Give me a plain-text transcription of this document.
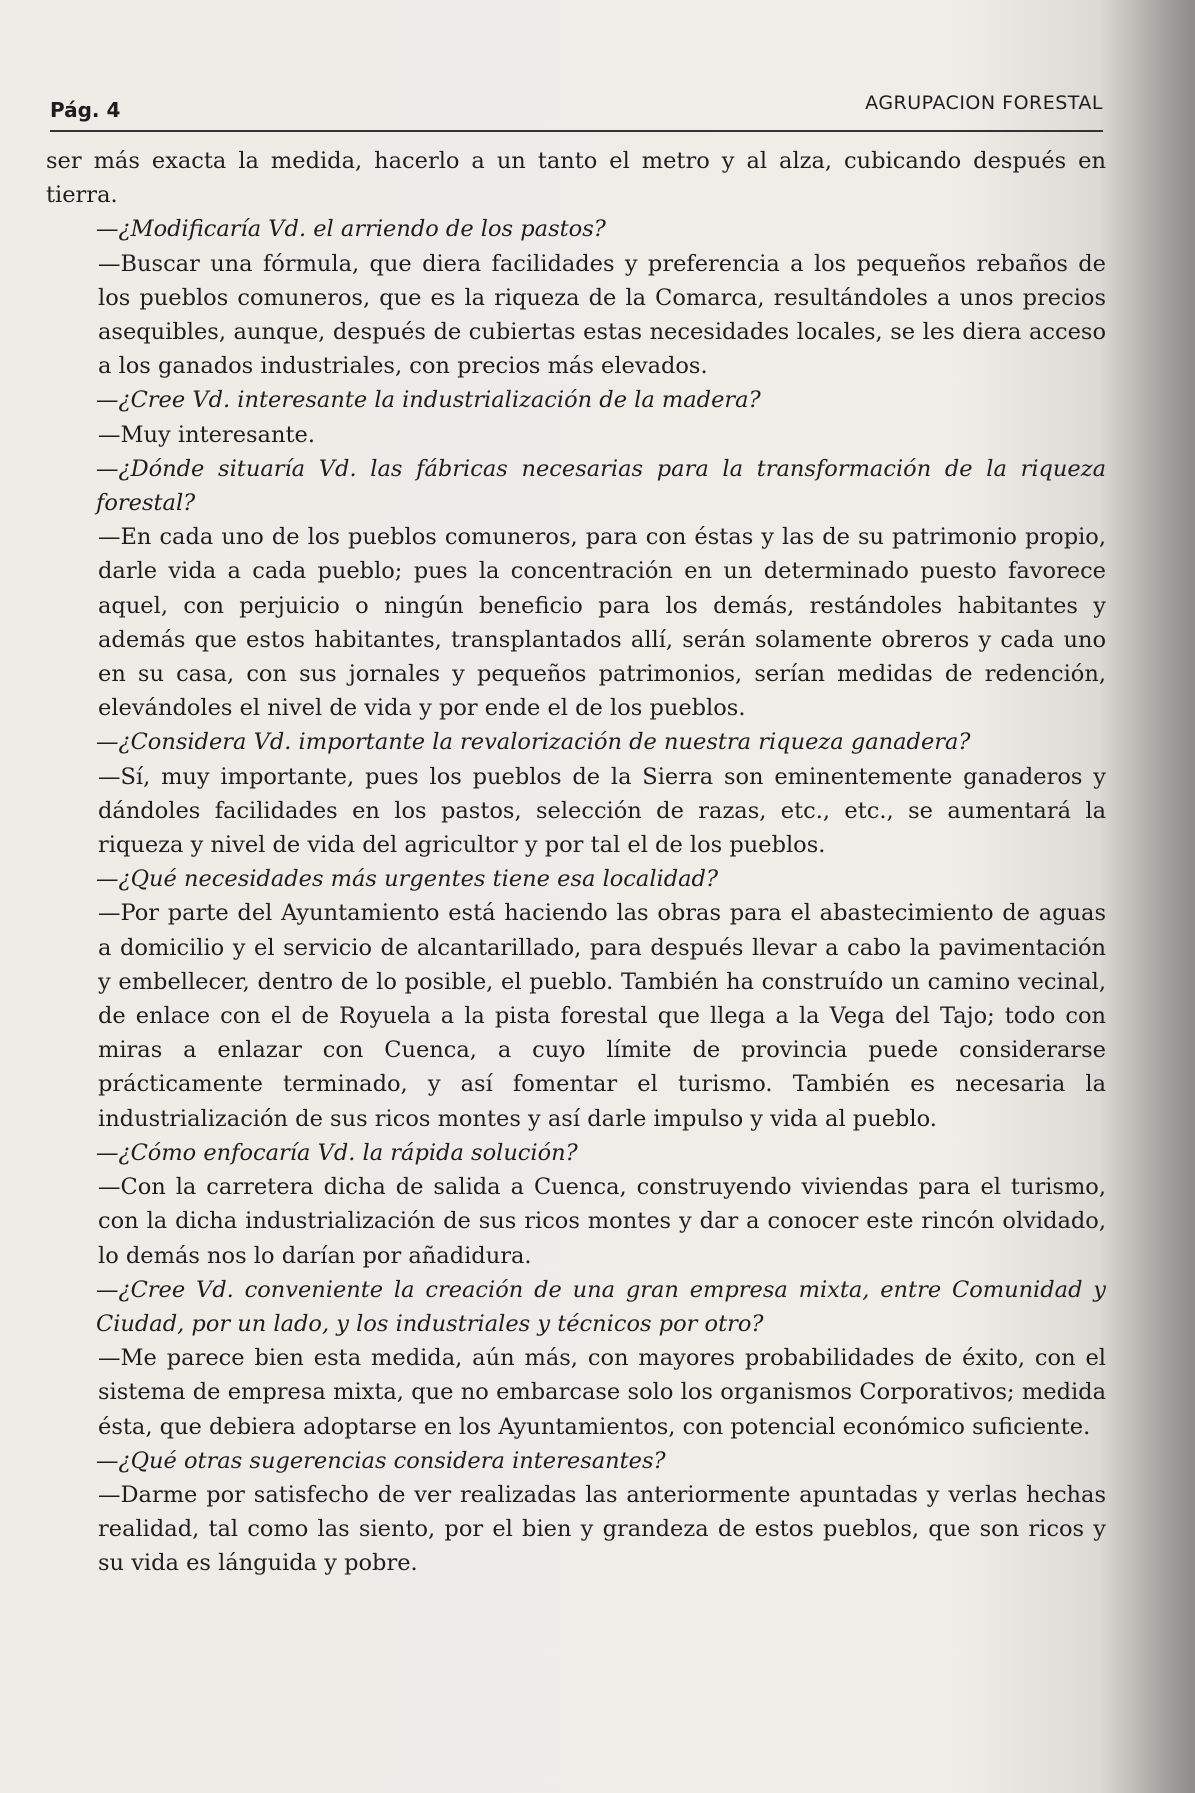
Pág. 4	AGRUPACION FORESTAL

ser más exacta la medida, hacerlo a un tanto el metro y al alza, cubicando después en tierra.

—¿Modificaría Vd. el arriendo de los pastos?

—Buscar una fórmula, que diera facilidades y preferencia a los pequeños rebaños de los pueblos comuneros, que es la riqueza de la Comarca, resultándoles a unos precios asequibles, aunque, después de cubiertas estas necesidades locales, se les diera acceso a los ganados industriales, con precios más elevados.

—¿Cree Vd. interesante la industrialización de la madera?

—Muy interesante.

—¿Dónde situaría Vd. las fábricas necesarias para la transformación de la riqueza forestal?

—En cada uno de los pueblos comuneros, para con éstas y las de su patrimonio propio, darle vida a cada pueblo; pues la concentración en un determinado puesto favorece aquel, con perjuicio o ningún beneficio para los demás, restándoles habitantes y además que estos habitantes, transplantados allí, serán solamente obreros y cada uno en su casa, con sus jornales y pequeños patrimonios, serían medidas de redención, elevándoles el nivel de vida y por ende el de los pueblos.

—¿Considera Vd. importante la revalorización de nuestra riqueza ganadera?

—Sí, muy importante, pues los pueblos de la Sierra son eminentemente ganaderos y dándoles facilidades en los pastos, selección de razas, etc., etc., se aumentará la riqueza y nivel de vida del agricultor y por tal el de los pueblos.

—¿Qué necesidades más urgentes tiene esa localidad?

—Por parte del Ayuntamiento está haciendo las obras para el abastecimiento de aguas a domicilio y el servicio de alcantarillado, para después llevar a cabo la pavimentación y embellecer, dentro de lo posible, el pueblo. También ha construído un camino vecinal, de enlace con el de Royuela a la pista forestal que llega a la Vega del Tajo; todo con miras a enlazar con Cuenca, a cuyo límite de provincia puede considerarse prácticamente terminado, y así fomentar el turismo. También es necesaria la industrialización de sus ricos montes y así darle impulso y vida al pueblo.

—¿Cómo enfocaría Vd. la rápida solución?

—Con la carretera dicha de salida a Cuenca, construyendo viviendas para el turismo, con la dicha industrialización de sus ricos montes y dar a conocer este rincón olvidado, lo demás nos lo darían por añadidura.

—¿Cree Vd. conveniente la creación de una gran empresa mixta, entre Comunidad y Ciudad, por un lado, y los industriales y técnicos por otro?

—Me parece bien esta medida, aún más, con mayores probabilidades de éxito, con el sistema de empresa mixta, que no embarcase solo los organismos Corporativos; medida ésta, que debiera adoptarse en los Ayuntamientos, con potencial económico suficiente.

—¿Qué otras sugerencias considera interesantes?

—Darme por satisfecho de ver realizadas las anteriormente apuntadas y verlas hechas realidad, tal como las siento, por el bien y grandeza de estos pueblos, que son ricos y su vida es lánguida y pobre.
